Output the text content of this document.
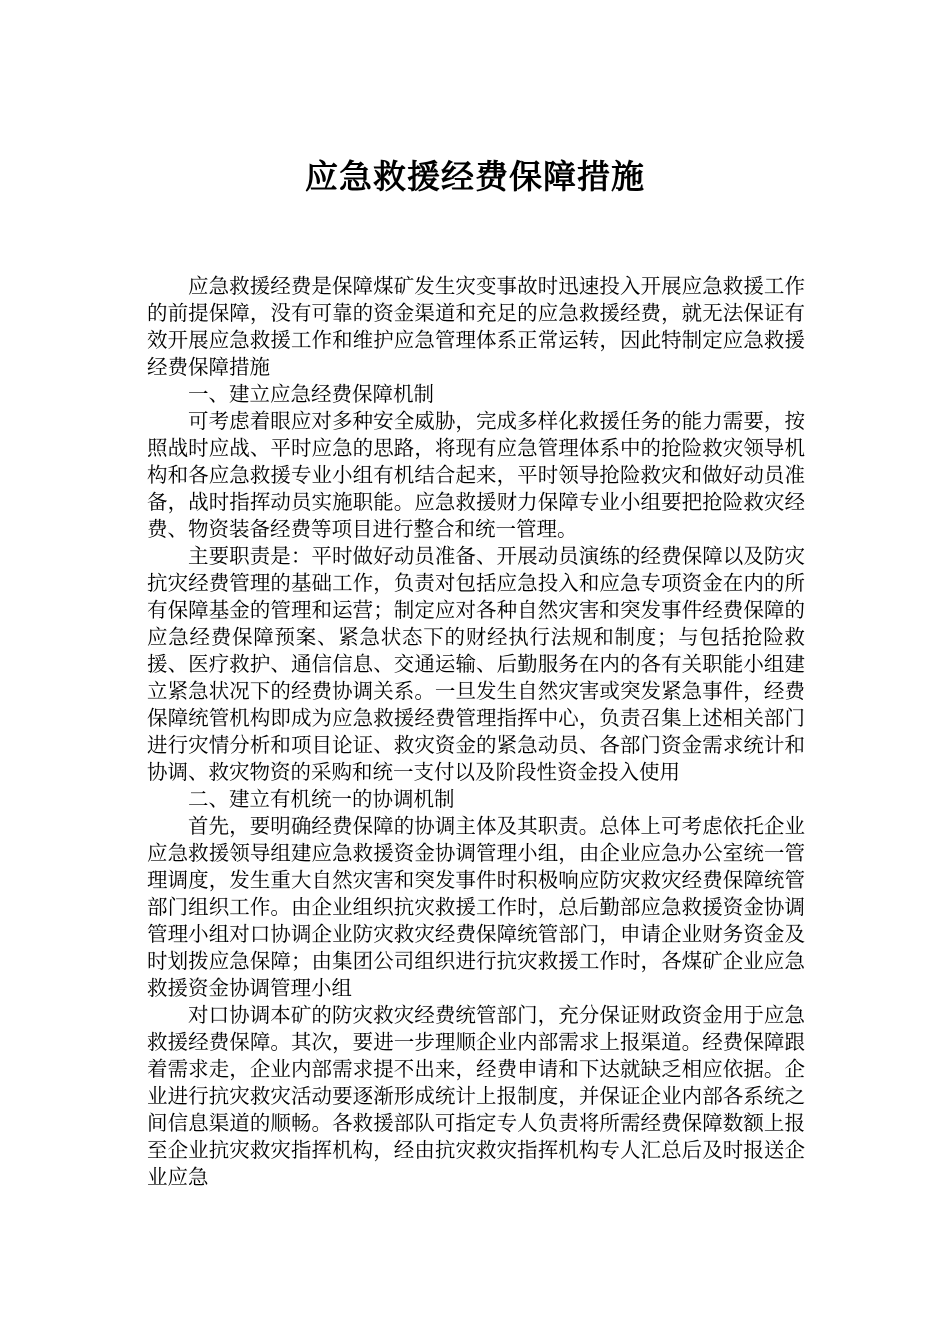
应急救援经费保障措施

应急救援经费是保障煤矿发生灾变事故时迅速投入开展应急救援工作的前提保障，没有可靠的资金渠道和充足的应急救援经费，就无法保证有效开展应急救援工作和维护应急管理体系正常运转，因此特制定应急救援经费保障措施

一、建立应急经费保障机制

可考虑着眼应对多种安全威胁，完成多样化救援任务的能力需要，按照战时应战、平时应急的思路，将现有应急管理体系中的抢险救灾领导机构和各应急救援专业小组有机结合起来，平时领导抢险救灾和做好动员准备，战时指挥动员实施职能。应急救援财力保障专业小组要把抢险救灾经费、物资装备经费等项目进行整合和统一管理。

主要职责是：平时做好动员准备、开展动员演练的经费保障以及防灾抗灾经费管理的基础工作，负责对包括应急投入和应急专项资金在内的所有保障基金的管理和运营；制定应对各种自然灾害和突发事件经费保障的应急经费保障预案、紧急状态下的财经执行法规和制度；与包括抢险救援、医疗救护、通信信息、交通运输、后勤服务在内的各有关职能小组建立紧急状况下的经费协调关系。一旦发生自然灾害或突发紧急事件，经费保障统管机构即成为应急救援经费管理指挥中心，负责召集上述相关部门进行灾情分析和项目论证、救灾资金的紧急动员、各部门资金需求统计和协调、救灾物资的采购和统一支付以及阶段性资金投入使用

二、建立有机统一的协调机制

首先，要明确经费保障的协调主体及其职责。总体上可考虑依托企业应急救援领导组建应急救援资金协调管理小组，由企业应急办公室统一管理调度，发生重大自然灾害和突发事件时积极响应防灾救灾经费保障统管部门组织工作。由企业组织抗灾救援工作时，总后勤部应急救援资金协调管理小组对口协调企业防灾救灾经费保障统管部门，申请企业财务资金及时划拨应急保障；由集团公司组织进行抗灾救援工作时，各煤矿企业应急救援资金协调管理小组

对口协调本矿的防灾救灾经费统管部门，充分保证财政资金用于应急救援经费保障。其次，要进一步理顺企业内部需求上报渠道。经费保障跟着需求走，企业内部需求提不出来，经费申请和下达就缺乏相应依据。企业进行抗灾救灾活动要逐渐形成统计上报制度，并保证企业内部各系统之间信息渠道的顺畅。各救援部队可指定专人负责将所需经费保障数额上报至企业抗灾救灾指挥机构，经由抗灾救灾指挥机构专人汇总后及时报送企业应急
